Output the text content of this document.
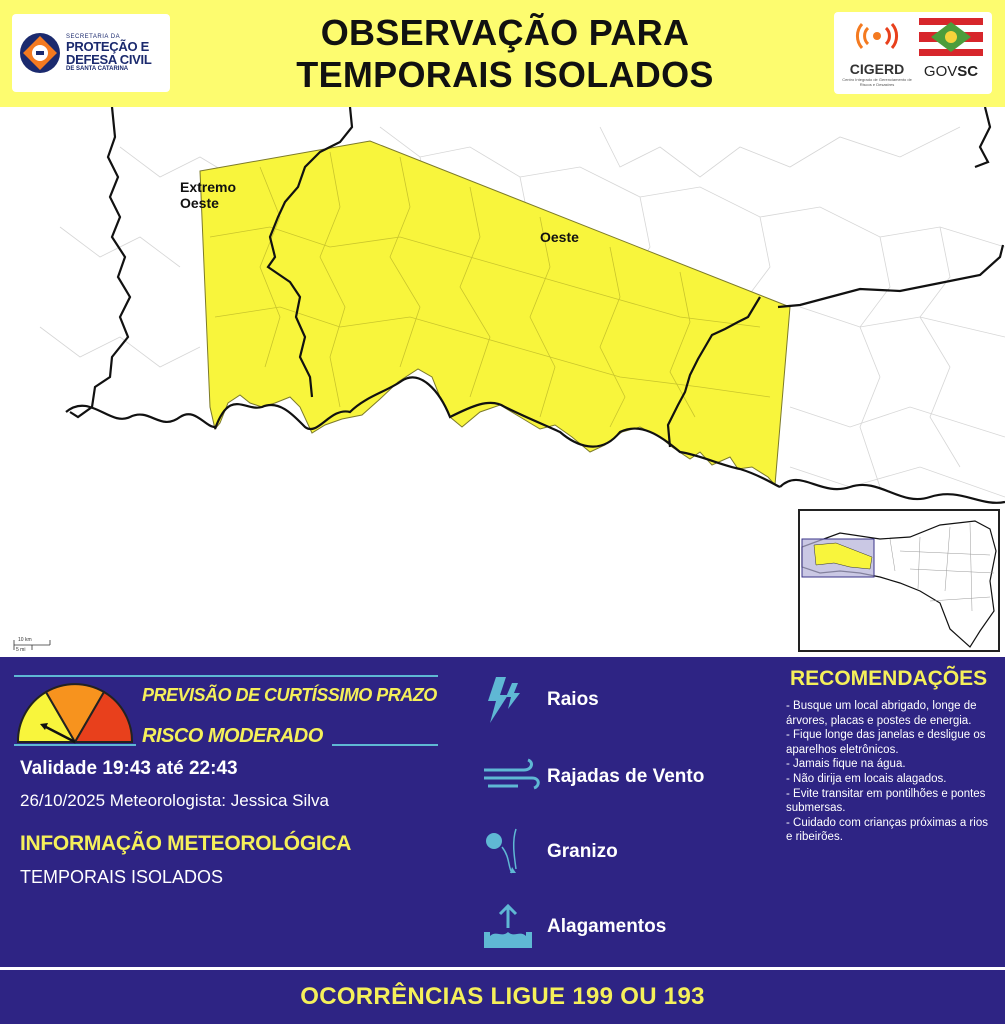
SECRETARIA DA
PROTEÇÃO E
DEFESA CIVIL
DE SANTA CATARINA
OBSERVAÇÃO PARA
TEMPORAIS ISOLADOS	CIGERD
Centro Integrado de Gerenciamento de Riscos e Desastres
GOVSC
Extremo
Oeste
Oeste
10 km
5 mi
PREVISÃO DE CURTÍSSIMO PRAZO
RISCO MODERADO
Validade 19:43 até 22:43
26/10/2025 Meteorologista: Jessica Silva
INFORMAÇÃO METEOROLÓGICA
TEMPORAIS ISOLADOS
Raios
Rajadas de Vento
Granizo
Alagamentos
RECOMENDAÇÕES
- Busque um local abrigado, longe de árvores, placas e postes de energia.
- Fique longe das janelas e desligue os aparelhos eletrônicos.
- Jamais fique na água.
- Não dirija em locais alagados.
- Evite transitar em pontilhões e pontes submersas.
- Cuidado com crianças próximas a rios e ribeirões.
OCORRÊNCIAS LIGUE 199 OU 193
